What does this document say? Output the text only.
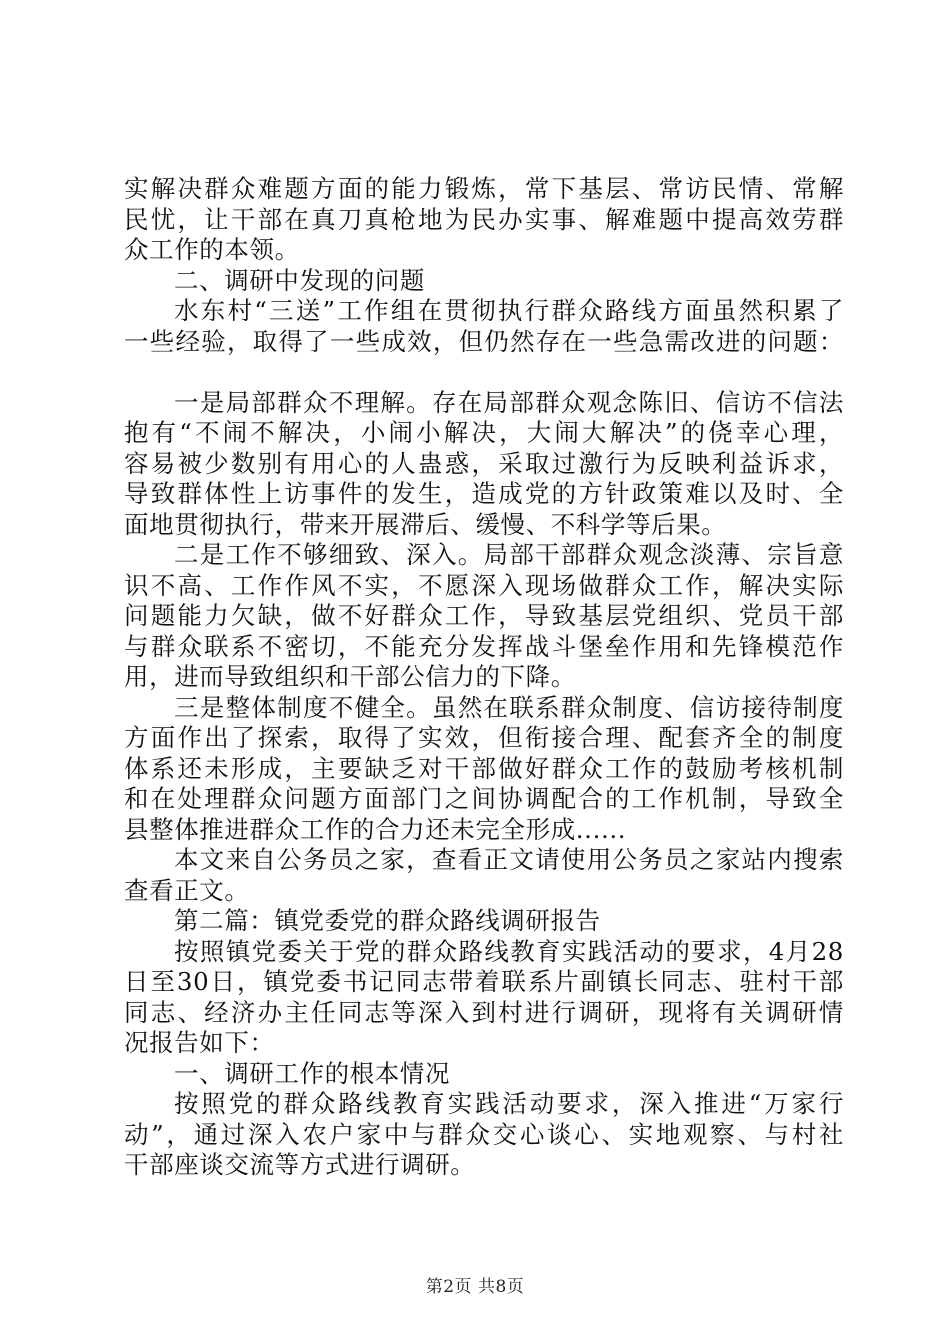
实解决群众难题方面的能力锻炼，常下基层、常访民情、常解
民忧，让干部在真刀真枪地为民办实事、解难题中提高效劳群
众工作的本领。
二、调研中发现的问题
水东村“三送”工作组在贯彻执行群众路线方面虽然积累了
一些经验，取得了一些成效，但仍然存在一些急需改进的问题：
一是局部群众不理解。存在局部群众观念陈旧、信访不信法
抱有“不闹不解决，小闹小解决，大闹大解决”的侥幸心理，
容易被少数别有用心的人蛊惑，采取过激行为反映利益诉求，
导致群体性上访事件的发生，造成党的方针政策难以及时、全
面地贯彻执行，带来开展滞后、缓慢、不科学等后果。
二是工作不够细致、深入。局部干部群众观念淡薄、宗旨意
识不高、工作作风不实，不愿深入现场做群众工作，解决实际
问题能力欠缺，做不好群众工作，导致基层党组织、党员干部
与群众联系不密切，不能充分发挥战斗堡垒作用和先锋模范作
用，进而导致组织和干部公信力的下降。
三是整体制度不健全。虽然在联系群众制度、信访接待制度
方面作出了探索，取得了实效，但衔接合理、配套齐全的制度
体系还未形成，主要缺乏对干部做好群众工作的鼓励考核机制
和在处理群众问题方面部门之间协调配合的工作机制，导致全
县整体推进群众工作的合力还未完全形成......
本文来自公务员之家，查看正文请使用公务员之家站内搜索
查看正文。
第二篇：镇党委党的群众路线调研报告
按照镇党委关于党的群众路线教育实践活动的要求，4月28
日至30日，镇党委书记同志带着联系片副镇长同志、驻村干部
同志、经济办主任同志等深入到村进行调研，现将有关调研情
况报告如下：
一、调研工作的根本情况
按照党的群众路线教育实践活动要求，深入推进“万家行
动”，通过深入农户家中与群众交心谈心、实地观察、与村社
干部座谈交流等方式进行调研。
第2页 共8页
